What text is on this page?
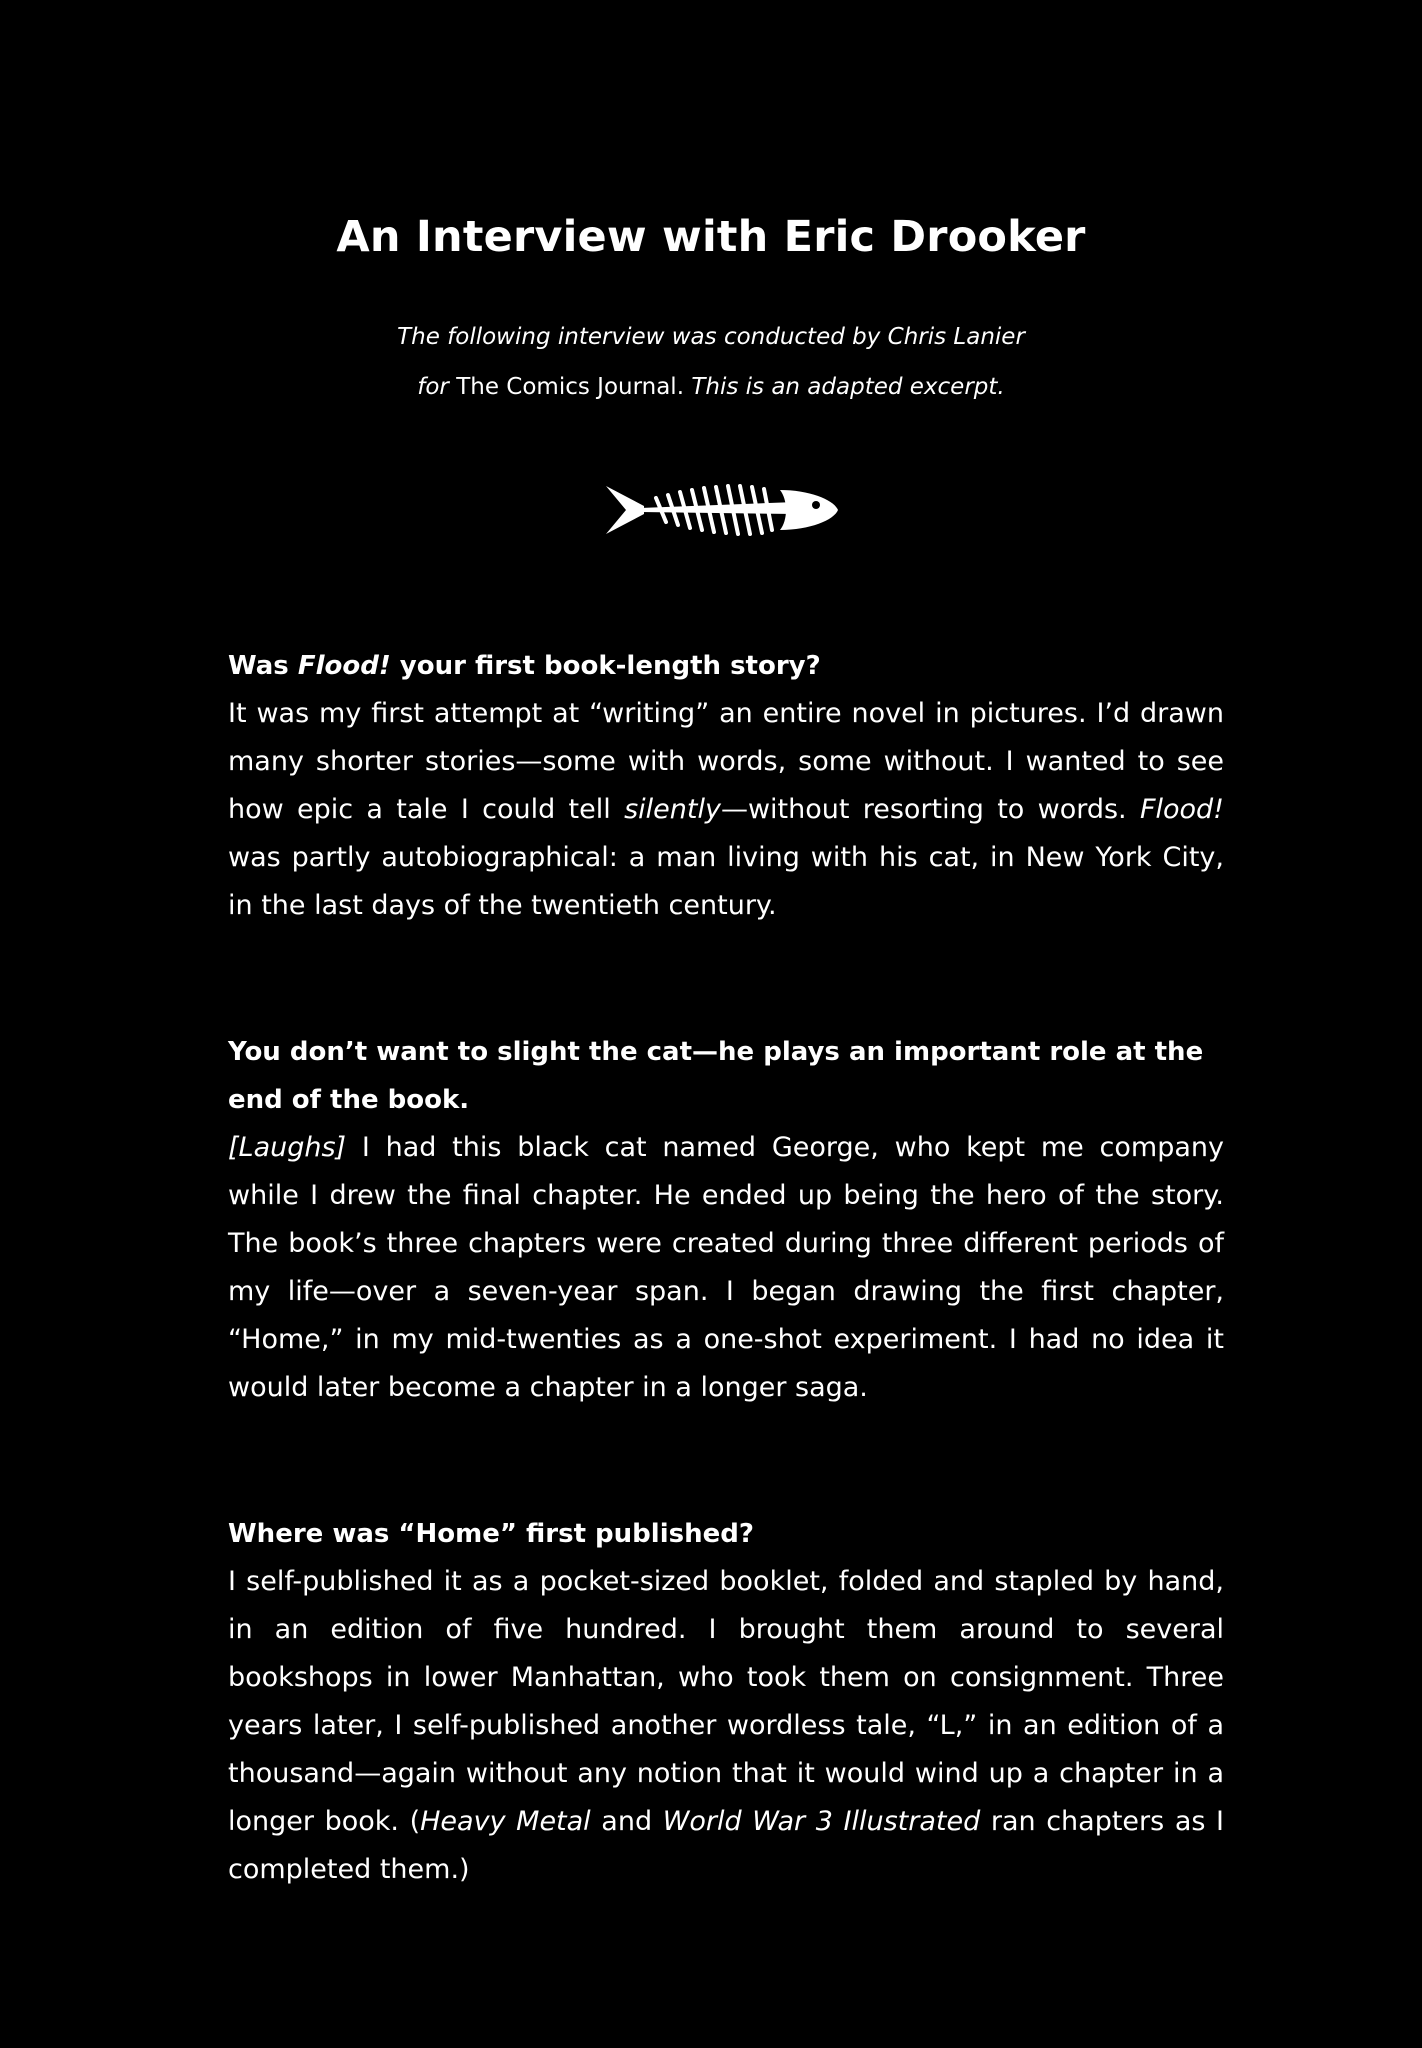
An Interview with Eric Drooker
The following interview was conducted by Chris Lanier
for The Comics Journal. This is an adapted excerpt.

Was Flood! your first book-length story?

It was my first attempt at “writing” an entire novel in pictures. I’d drawn many shorter stories—some with words, some without. I wanted to see how epic a tale I could tell silently—without resorting to words. Flood! was partly autobiographical: a man living with his cat, in New York City, in the last days of the twentieth century.

You don’t want to slight the cat—he plays an important role at the end of the book.

[Laughs] I had this black cat named George, who kept me company while I drew the final chapter. He ended up being the hero of the story. The book’s three chapters were created during three different periods of my life—over a seven-year span. I began drawing the first chapter, “Home,” in my mid-twenties as a one-shot experiment. I had no idea it would later become a chapter in a longer saga.

Where was “Home” first published?

I self-published it as a pocket-sized booklet, folded and stapled by hand, in an edition of five hundred. I brought them around to several bookshops in lower Manhattan, who took them on consignment. Three years later, I self-published another wordless tale, “L,” in an edition of a thousand—again without any notion that it would wind up a chapter in a longer book. (Heavy Metal and World War 3 Illustrated ran chapters as I completed them.)
